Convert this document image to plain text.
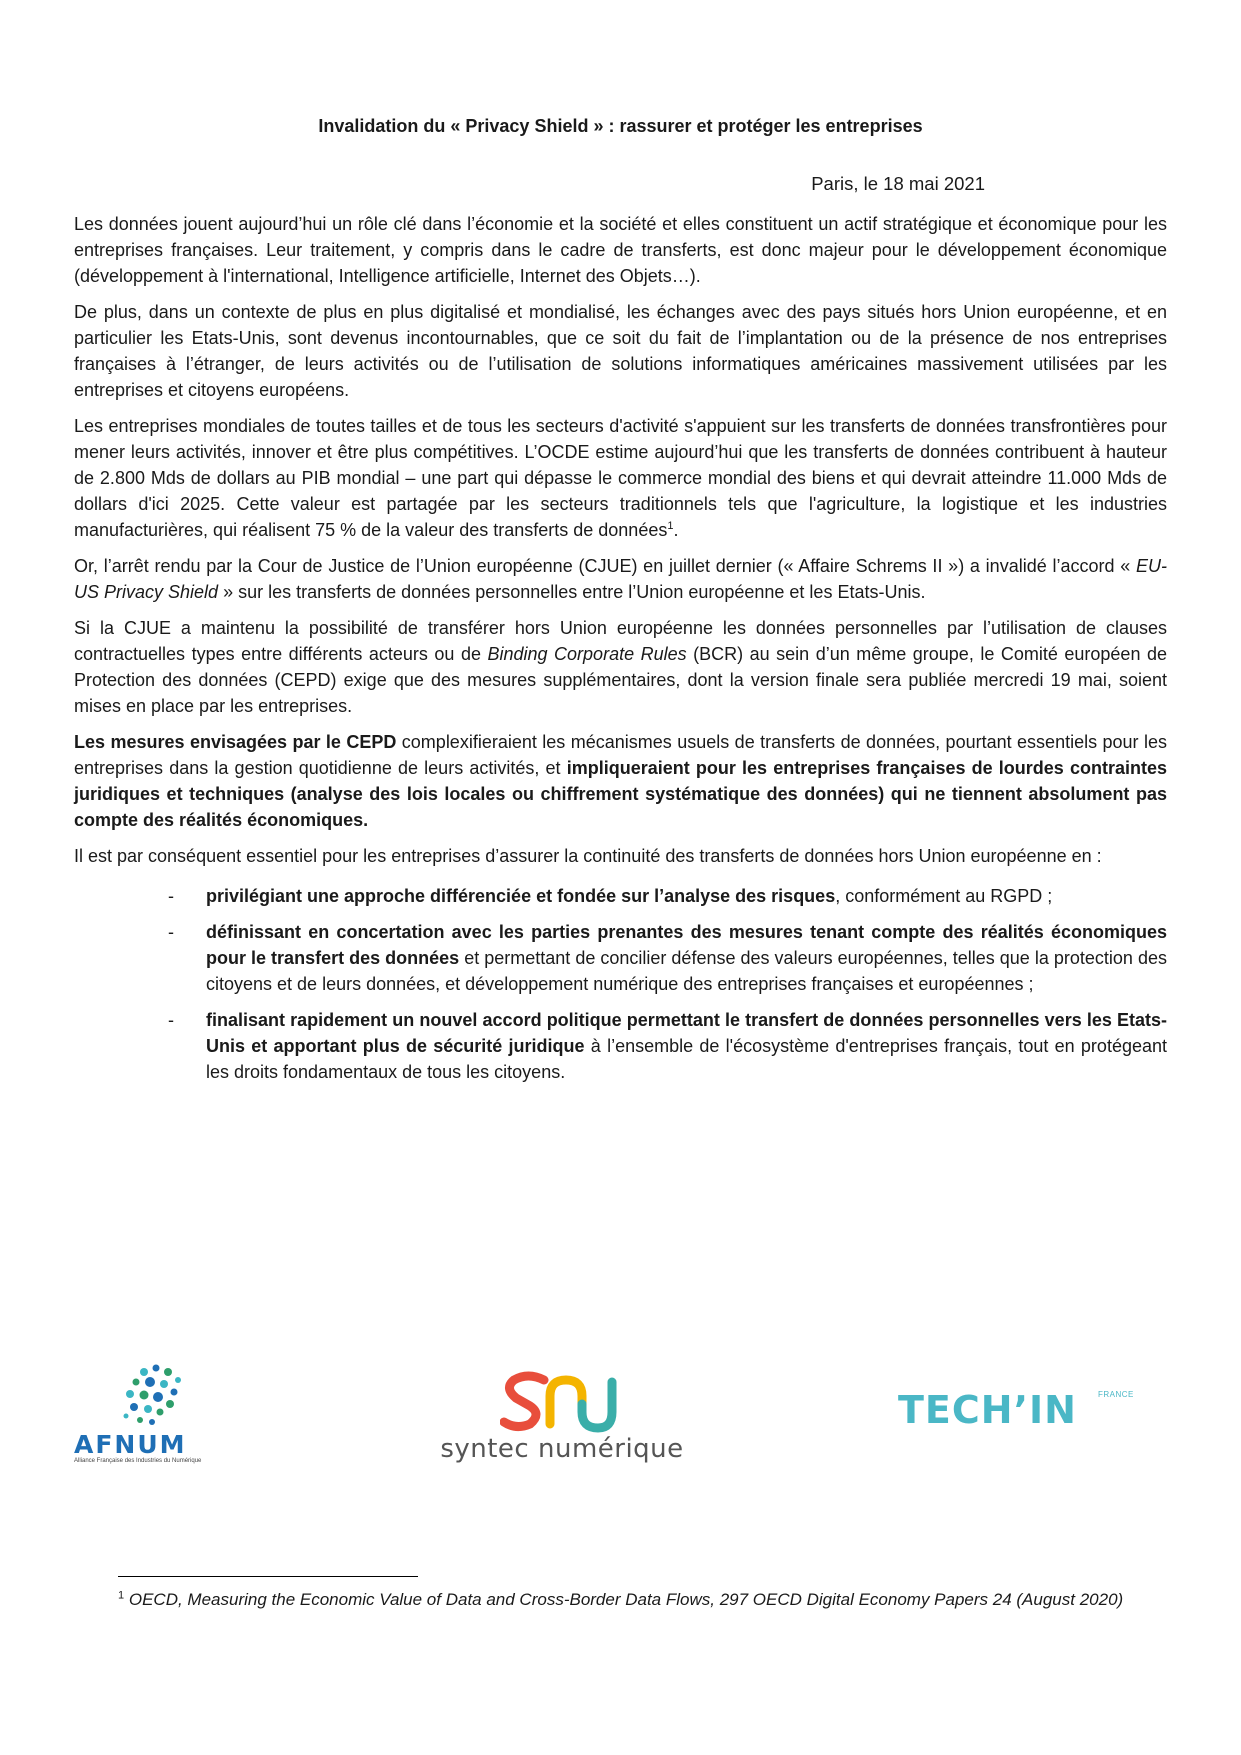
Invalidation du « Privacy Shield » : rassurer et protéger les entreprises

Paris, le 18 mai 2021

Les données jouent aujourd’hui un rôle clé dans l’économie et la société et elles constituent un actif stratégique et économique pour les entreprises françaises. Leur traitement, y compris dans le cadre de transferts, est donc majeur pour le développement économique (développement à l'international, Intelligence artificielle, Internet des Objets…).

De plus, dans un contexte de plus en plus digitalisé et mondialisé, les échanges avec des pays situés hors Union européenne, et en particulier les Etats-Unis, sont devenus incontournables, que ce soit du fait de l’implantation ou de la présence de nos entreprises françaises à l’étranger, de leurs activités ou de l’utilisation de solutions informatiques américaines massivement utilisées par les entreprises et citoyens européens.

Les entreprises mondiales de toutes tailles et de tous les secteurs d'activité s'appuient sur les transferts de données transfrontières pour mener leurs activités, innover et être plus compétitives. L’OCDE estime aujourd’hui que les transferts de données contribuent à hauteur de 2.800 Mds de dollars au PIB mondial – une part qui dépasse le commerce mondial des biens et qui devrait atteindre 11.000 Mds de dollars d'ici 2025. Cette valeur est partagée par les secteurs traditionnels tels que l'agriculture, la logistique et les industries manufacturières, qui réalisent 75 % de la valeur des transferts de données$^1$.

Or, l’arrêt rendu par la Cour de Justice de l’Union européenne (CJUE) en juillet dernier (« Affaire Schrems II ») a invalidé l’accord « EU-US Privacy Shield » sur les transferts de données personnelles entre l’Union européenne et les Etats-Unis.

Si la CJUE a maintenu la possibilité de transférer hors Union européenne les données personnelles par l’utilisation de clauses contractuelles types entre différents acteurs ou de Binding Corporate Rules (BCR) au sein d’un même groupe, le Comité européen de Protection des données (CEPD) exige que des mesures supplémentaires, dont la version finale sera publiée mercredi 19 mai, soient mises en place par les entreprises.

Les mesures envisagées par le CEPD complexifieraient les mécanismes usuels de transferts de données, pourtant essentiels pour les entreprises dans la gestion quotidienne de leurs activités, et impliqueraient pour les entreprises françaises de lourdes contraintes juridiques et techniques (analyse des lois locales ou chiffrement systématique des données) qui ne tiennent absolument pas compte des réalités économiques.

Il est par conséquent essentiel pour les entreprises d’assurer la continuité des transferts de données hors Union européenne en :

- privilégiant une approche différenciée et fondée sur l’analyse des risques, conformément au RGPD ;
- définissant en concertation avec les parties prenantes des mesures tenant compte des réalités économiques pour le transfert des données et permettant de concilier défense des valeurs européennes, telles que la protection des citoyens et de leurs données, et développement numérique des entreprises françaises et européennes ;
- finalisant rapidement un nouvel accord politique permettant le transfert de données personnelles vers les Etats-Unis et apportant plus de sécurité juridique à l’ensemble de l'écosystème d'entreprises français, tout en protégeant les droits fondamentaux de tous les citoyens.
AFNUM
Alliance Française des Industries du Numérique	syntec numérique
TECH’IN	FRANCE
$^1$ OECD, Measuring the Economic Value of Data and Cross-Border Data Flows, 297 OECD Digital Economy Papers 24 (August 2020)
